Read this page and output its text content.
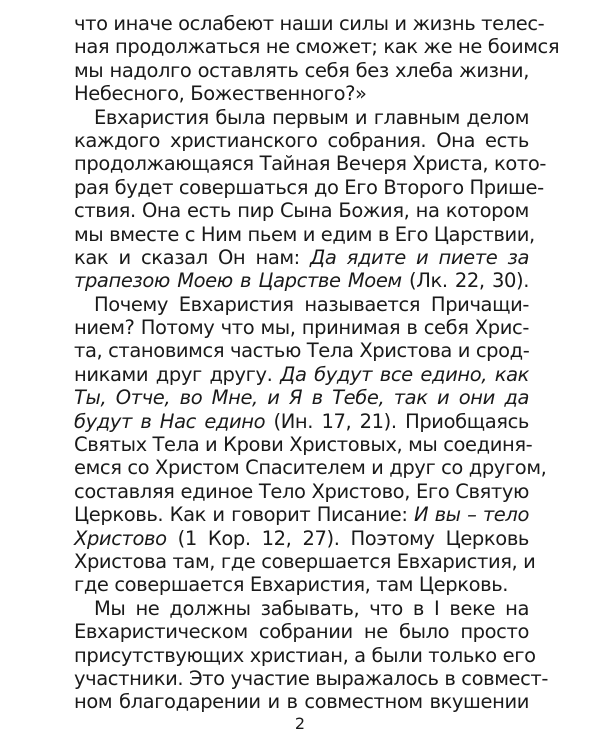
что иначе ослабеют наши силы и жизнь телес-
ная продолжаться не сможет; как же не боимся
мы надолго оставлять себя без хлеба жизни,
Небесного, Божественного?»
Евхаристия была первым и главным делом
каждого христианского собрания. Она есть
продолжающаяся Тайная Вечеря Христа, кото-
рая будет совершаться до Его Второго Прише-
ствия. Она есть пир Сына Божия, на котором
мы вместе с Ним пьем и едим в Его Царствии,
как и сказал Он нам: Да ядите и пиете за
трапезою Моею в Царстве Моем (Лк. 22, 30).
Почему Евхаристия называется Причащи-
нием? Потому что мы, принимая в себя Хрис-
та, становимся частью Тела Христова и срод-
никами друг другу. Да будут все едино, как
Ты, Отче, во Мне, и Я в Тебе, так и они да
будут в Нас едино (Ин. 17, 21). Приобщаясь
Святых Тела и Крови Христовых, мы соединя-
емся со Христом Спасителем и друг со другом,
составляя единое Тело Христово, Его Святую
Церковь. Как и говорит Писание: И вы – тело
Христово (1 Кор. 12, 27). Поэтому Церковь
Христова там, где совершается Евхаристия, и
где совершается Евхаристия, там Церковь.
Мы не должны забывать, что в I веке на
Евхаристическом собрании не было просто
присутствующих христиан, а были только его
участники. Это участие выражалось в совмест-
ном благодарении и в совместном вкушении
2
